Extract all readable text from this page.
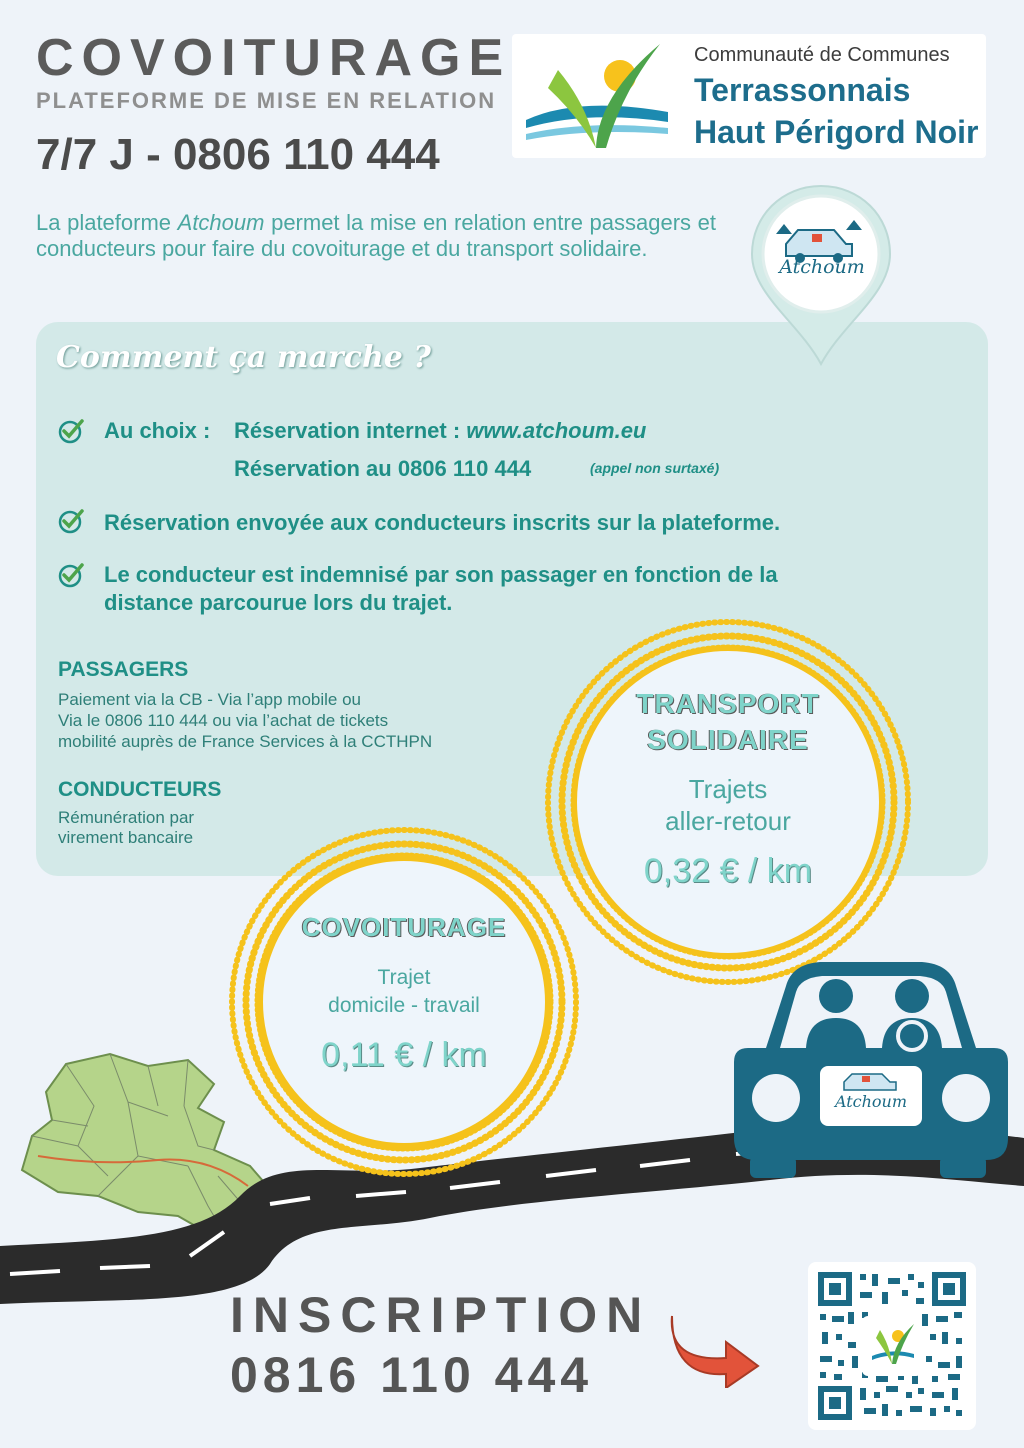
COVOITURAGE
PLATEFORME DE MISE EN RELATION
7/7 J - 0806 110 444
Communauté de Communes
Terrassonnais
Haut Périgord Noir
La plateforme Atchoum permet la mise en relation entre passagers et conducteurs pour faire du covoiturage et du transport solidaire.
Atchoum
Comment ça marche ?
Au choix : Réservation internet : www.atchoum.eu
Réservation au 0806 110 444	(appel non surtaxé)
Réservation envoyée aux conducteurs inscrits sur la plateforme.
Le conducteur est indemnisé par son passager en fonction de la
distance parcourue lors du trajet.
PASSAGERS
Paiement via la CB - Via l’app mobile ou
Via le 0806 110 444 ou via l’achat de tickets
mobilité auprès de France Services à la CCTHPN
CONDUCTEURS
Rémunération par
virement bancaire
TRANSPORT
SOLIDAIRE
Trajets
aller-retour
0,32 € / km
COVOITURAGE
Trajet
domicile - travail
0,11 € / km
Atchoum
INSCRIPTION
0816 110 444
